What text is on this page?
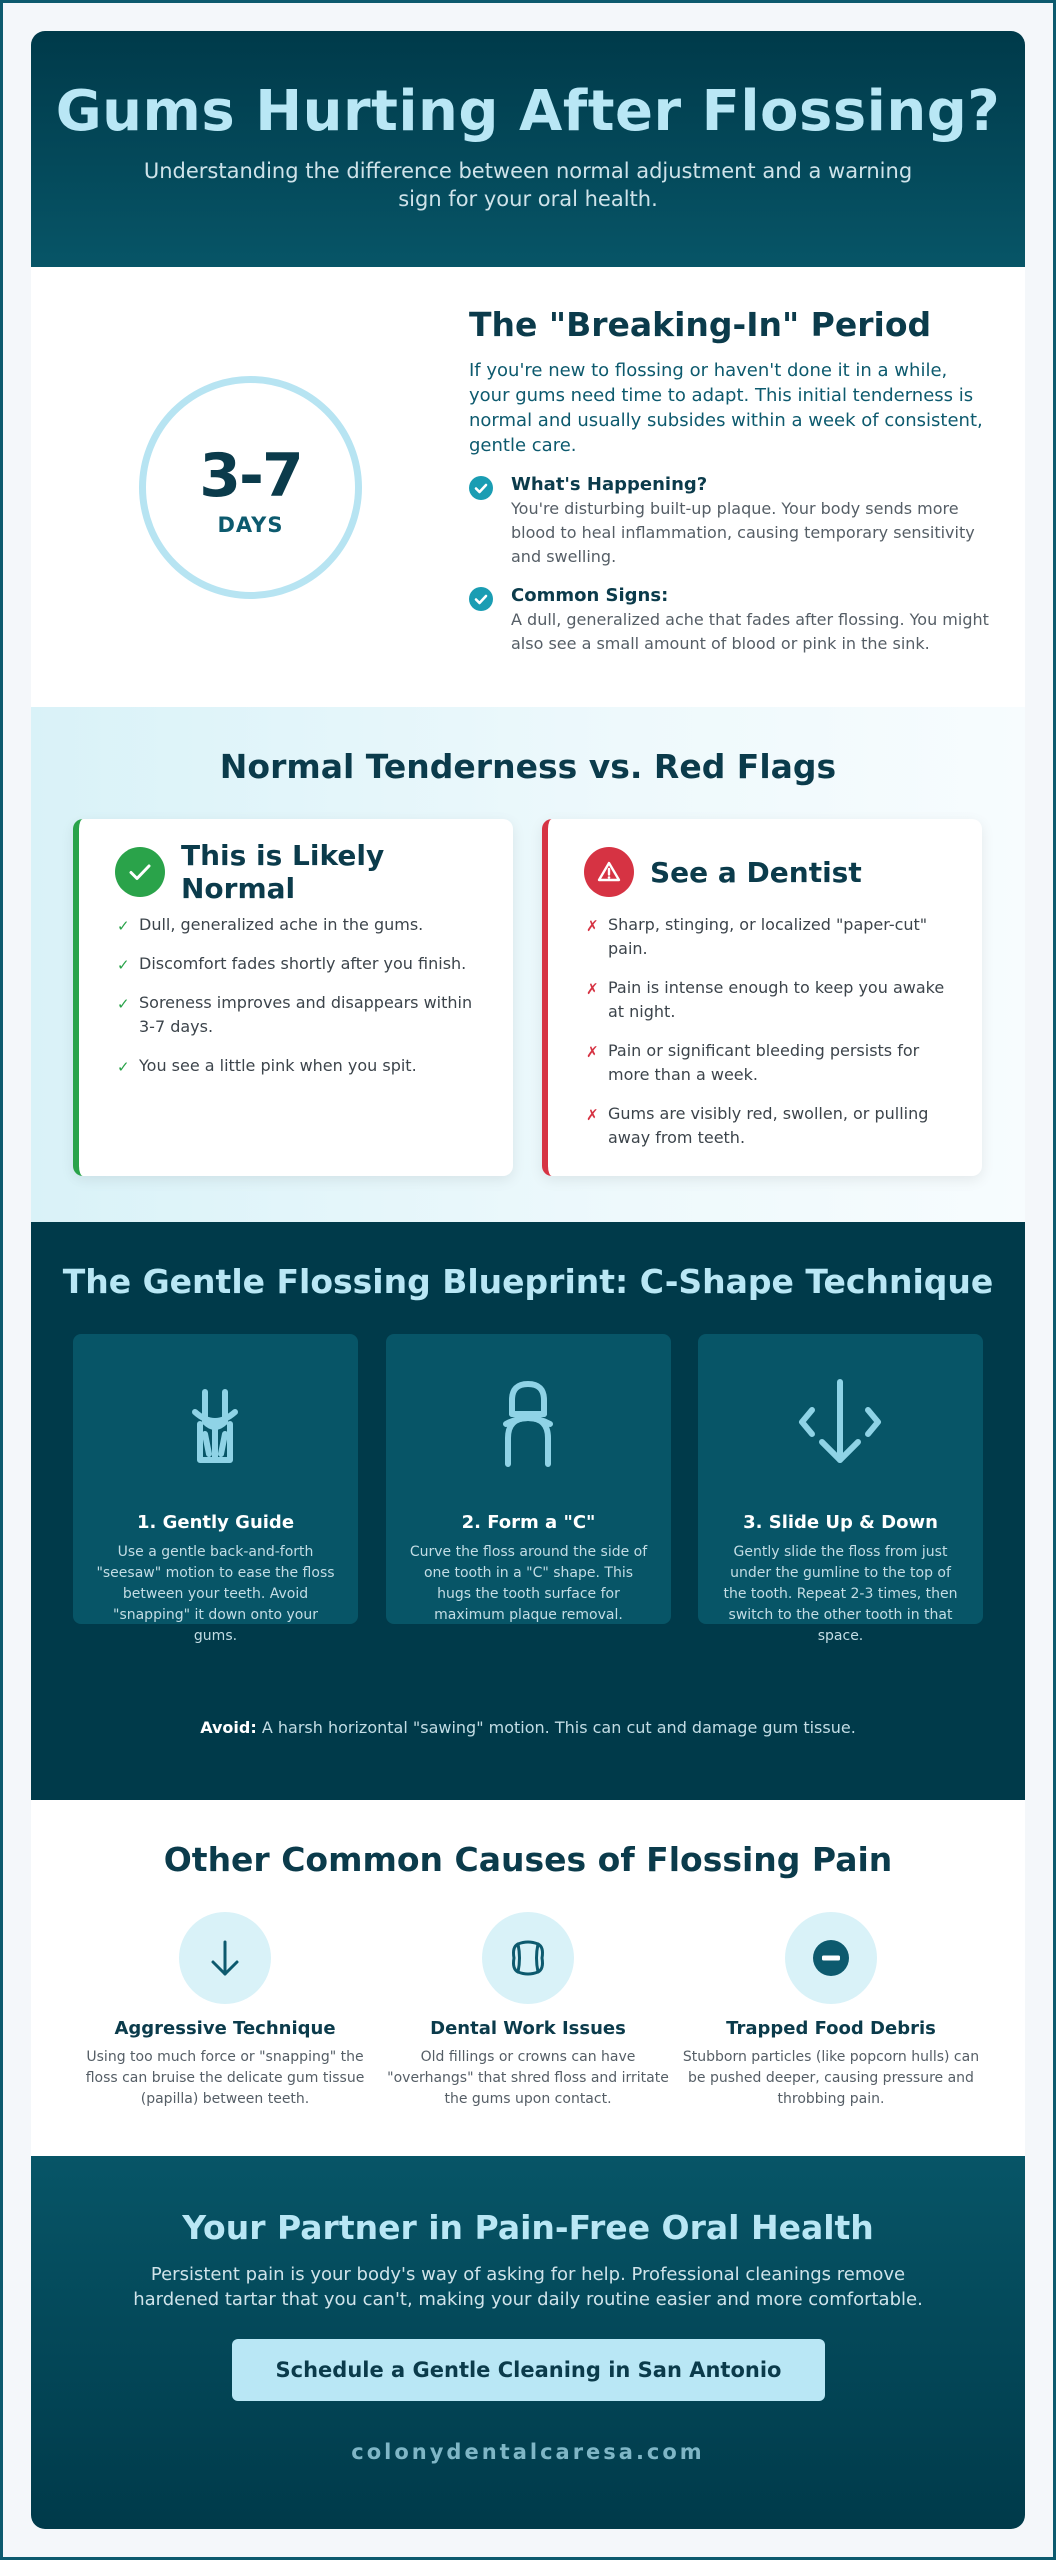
Gums Hurting After Flossing?

Understanding the difference between normal adjustment and a warning sign for your oral health.

3-7
DAYS
The "Breaking-In" Period

If you're new to flossing or haven't done it in a while, your gums need time to adapt. This initial tenderness is normal and usually subsides within a week of consistent, gentle care.

What's Happening?

You're disturbing built-up plaque. Your body sends more blood to heal inflammation, causing temporary sensitivity and swelling.

Common Signs:

A dull, generalized ache that fades after flossing. You might also see a small amount of blood or pink in the sink.

Normal Tenderness vs. Red Flags
This is Likely Normal
✓ Dull, generalized ache in the gums.
✓ Discomfort fades shortly after you finish.
✓ Soreness improves and disappears within 3-7 days.
✓ You see a little pink when you spit.
See a Dentist
✗ Sharp, stinging, or localized "paper-cut" pain.
✗ Pain is intense enough to keep you awake at night.
✗ Pain or significant bleeding persists for more than a week.
✗ Gums are visibly red, swollen, or pulling away from teeth.
The Gentle Flossing Blueprint: C-Shape Technique
1. Gently Guide

Use a gentle back-and-forth "seesaw" motion to ease the floss between your teeth. Avoid "snapping" it down onto your gums.

2. Form a "C"

Curve the floss around the side of one tooth in a "C" shape. This hugs the tooth surface for maximum plaque removal.

3. Slide Up & Down

Gently slide the floss from just under the gumline to the top of the tooth. Repeat 2-3 times, then switch to the other tooth in that space.

Avoid: A harsh horizontal "sawing" motion. This can cut and damage gum tissue.
Other Common Causes of Flossing Pain
Aggressive Technique

Using too much force or "snapping" the floss can bruise the delicate gum tissue (papilla) between teeth.

Dental Work Issues

Old fillings or crowns can have "overhangs" that shred floss and irritate the gums upon contact.

Trapped Food Debris

Stubborn particles (like popcorn hulls) can be pushed deeper, causing pressure and throbbing pain.

Your Partner in Pain-Free Oral Health

Persistent pain is your body's way of asking for help. Professional cleanings remove hardened tartar that you can't, making your daily routine easier and more comfortable.

Schedule a Gentle Cleaning in San Antonio
colonydentalcaresa.com
